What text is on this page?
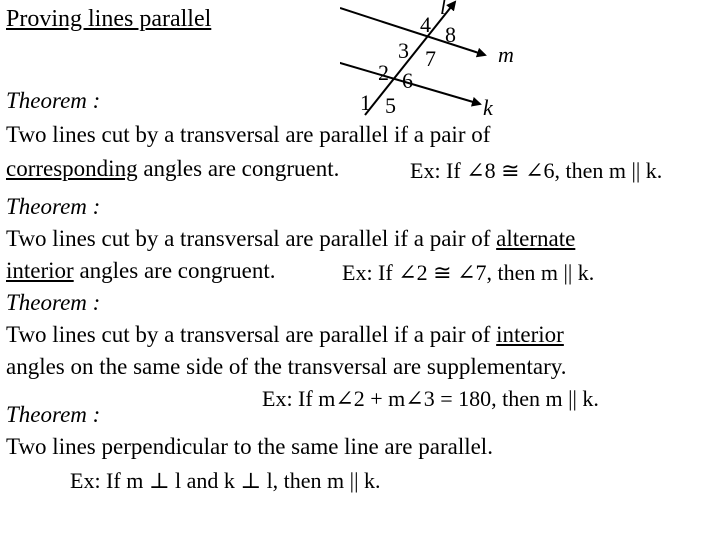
Proving lines parallel	l
m
k
1
2
3
4
5
6
7
8
Theorem :
Two lines cut by a transversal are parallel if a pair of
corresponding angles are congruent.	Ex: If ∠8 ≅ ∠6, then m || k.
Theorem :
Two lines cut by a transversal are parallel if a pair of alternate
interior angles are congruent.	Ex: If ∠2 ≅ ∠7, then m || k.
Theorem :
Two lines cut by a transversal are parallel if a pair of interior
angles on the same side of the transversal are supplementary.
Ex: If m∠2 + m∠3 = 180, then m || k.
Theorem :
Two lines perpendicular to the same line are parallel.
Ex: If m ⊥ l and k ⊥ l, then m || k.
